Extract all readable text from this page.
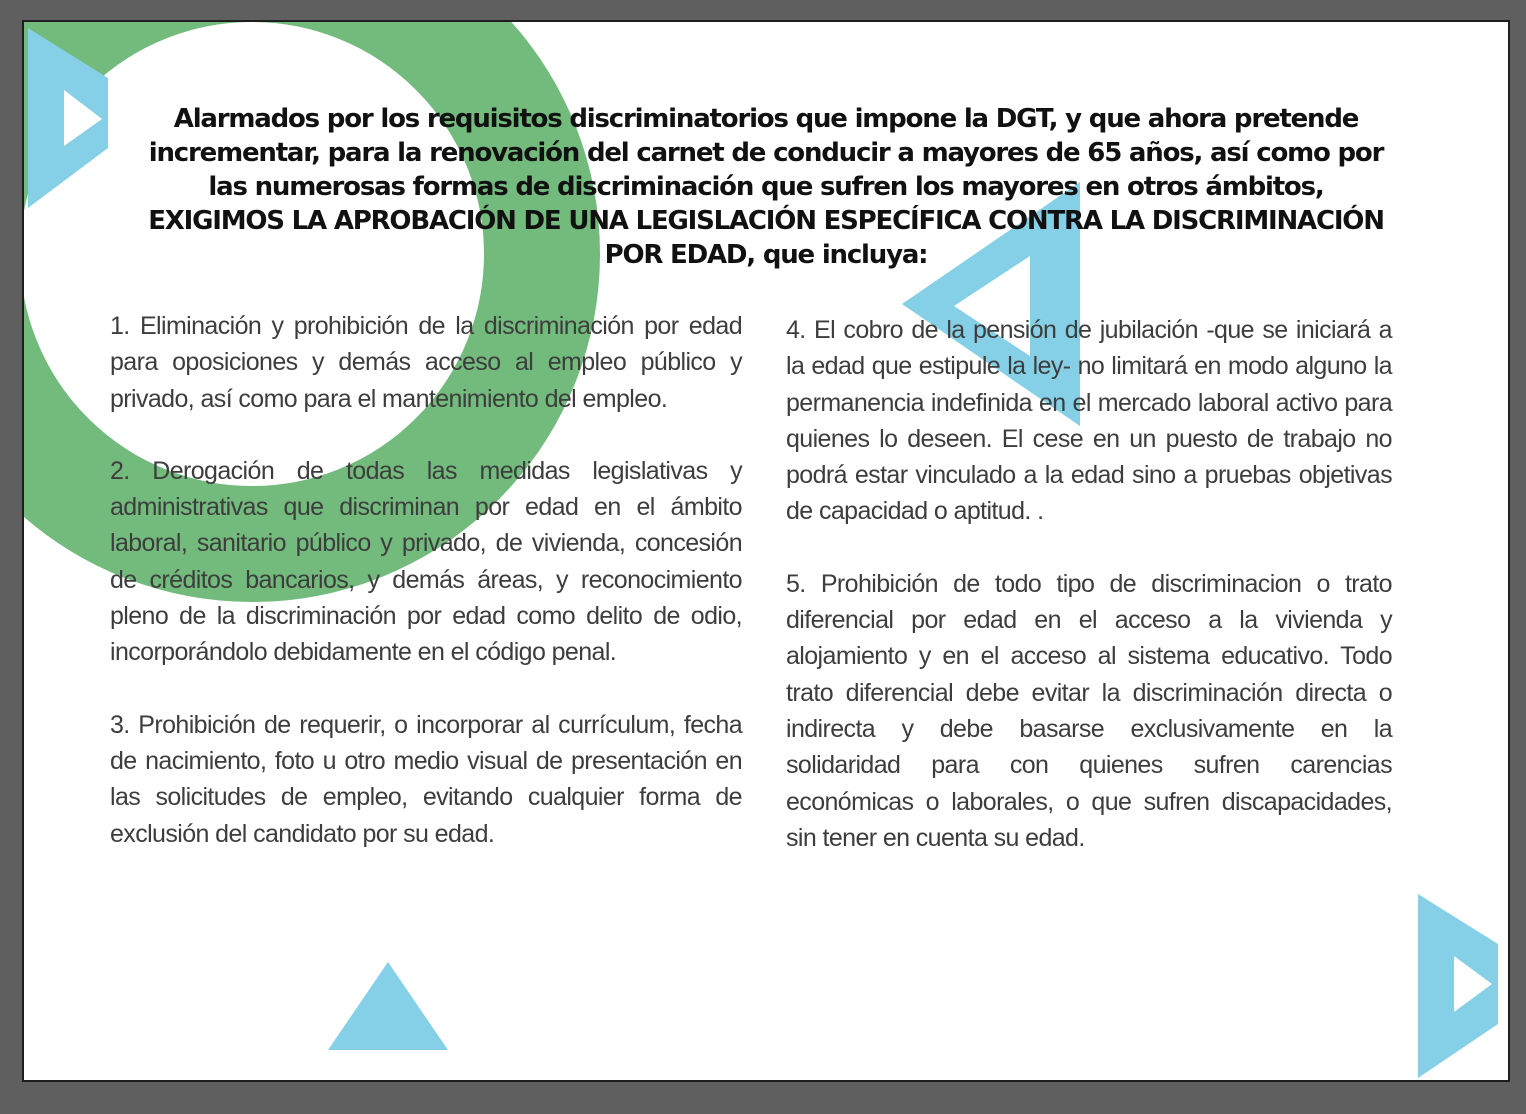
Alarmados por los requisitos discriminatorios que impone la DGT, y que ahora pretende incrementar, para la renovación del carnet de conducir a mayores de 65 años, así como por las numerosas formas de discriminación que sufren los mayores en otros ámbitos, EXIGIMOS LA APROBACIÓN DE UNA LEGISLACIÓN ESPECÍFICA CONTRA LA DISCRIMINACIÓN POR EDAD, que incluya:

1. Eliminación y prohibición de la discriminación por edad para oposiciones y demás acceso al empleo público y privado, así como para el mantenimiento del empleo.

2. Derogación de todas las medidas legislativas y administrativas que discriminan por edad en el ámbito laboral, sanitario público y privado, de vivienda, concesión de créditos bancarios, y demás áreas, y reconocimiento pleno de la discriminación por edad como delito de odio, incorporándolo debidamente en el código penal.

3. Prohibición de requerir, o incorporar al currículum, fecha de nacimiento, foto u otro medio visual de presentación en las solicitudes de empleo, evitando cualquier forma de exclusión del candidato por su edad.

4. El cobro de la pensión de jubilación -que se iniciará a la edad que estipule la ley- no limitará en modo alguno la permanencia indefinida en el mercado laboral activo para quienes lo deseen. El cese en un puesto de trabajo no podrá estar vinculado a la edad sino a pruebas objetivas de capacidad o aptitud. .

5. Prohibición de todo tipo de discriminacion o trato diferencial por edad en el acceso a la vivienda y alojamiento y en el acceso al sistema educativo. Todo trato diferencial debe evitar la discriminación directa o indirecta y debe basarse exclusivamente en la solidaridad para con quienes sufren carencias económicas o laborales, o que sufren discapacidades, sin tener en cuenta su edad.
